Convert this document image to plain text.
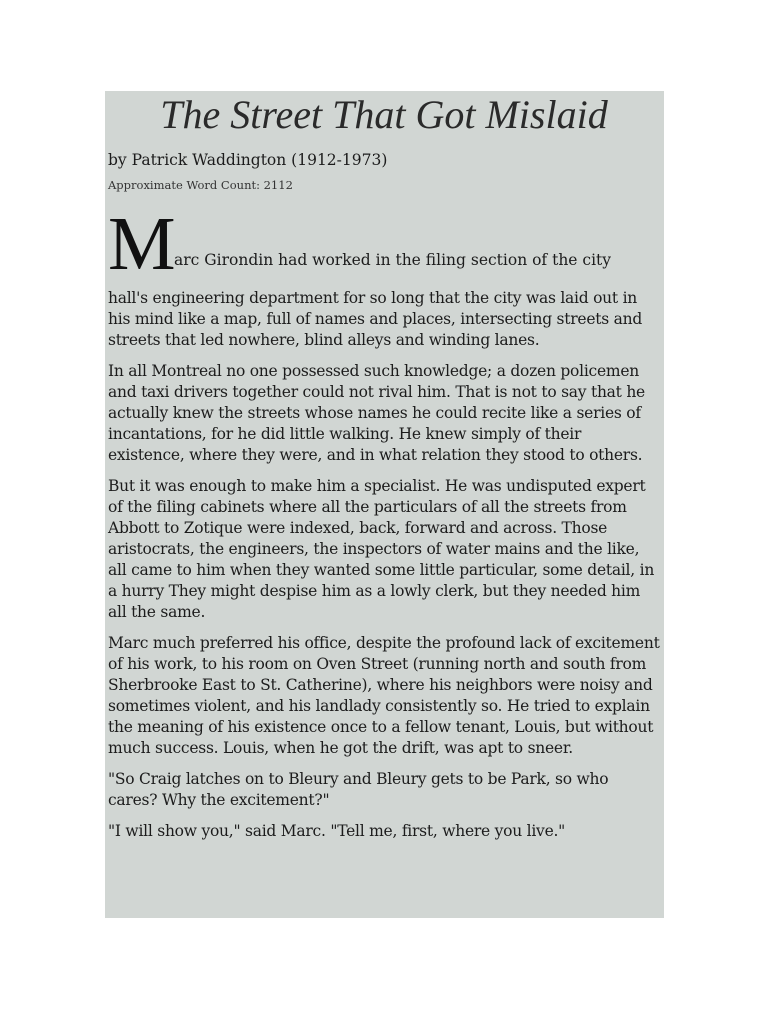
The Street That Got Mislaid

by Patrick Waddington (1912-1973)

Approximate Word Count: 2112

M
arc Girondin had worked in the filing section of the city

hall's engineering department for so long that the city was laid out in his mind like a map, full of names and places, intersecting streets and streets that led nowhere, blind alleys and winding lanes.

In all Montreal no one possessed such knowledge; a dozen policemen and taxi drivers together could not rival him. That is not to say that he actually knew the streets whose names he could recite like a series of incantations, for he did little walking. He knew simply of their existence, where they were, and in what relation they stood to others.

But it was enough to make him a specialist. He was undisputed expert of the filing cabinets where all the particulars of all the streets from Abbott to Zotique were indexed, back, forward and across. Those aristocrats, the engineers, the inspectors of water mains and the like, all came to him when they wanted some little particular, some detail, in a hurry They might despise him as a lowly clerk, but they needed him all the same.

Marc much preferred his office, despite the profound lack of excitement of his work, to his room on Oven Street (running north and south from Sherbrooke East to St. Catherine), where his neighbors were noisy and sometimes violent, and his landlady consistently so. He tried to explain the meaning of his existence once to a fellow tenant, Louis, but without much success. Louis, when he got the drift, was apt to sneer.

"So Craig latches on to Bleury and Bleury gets to be Park, so who cares? Why the excitement?"

"I will show you," said Marc. "Tell me, first, where you live."
